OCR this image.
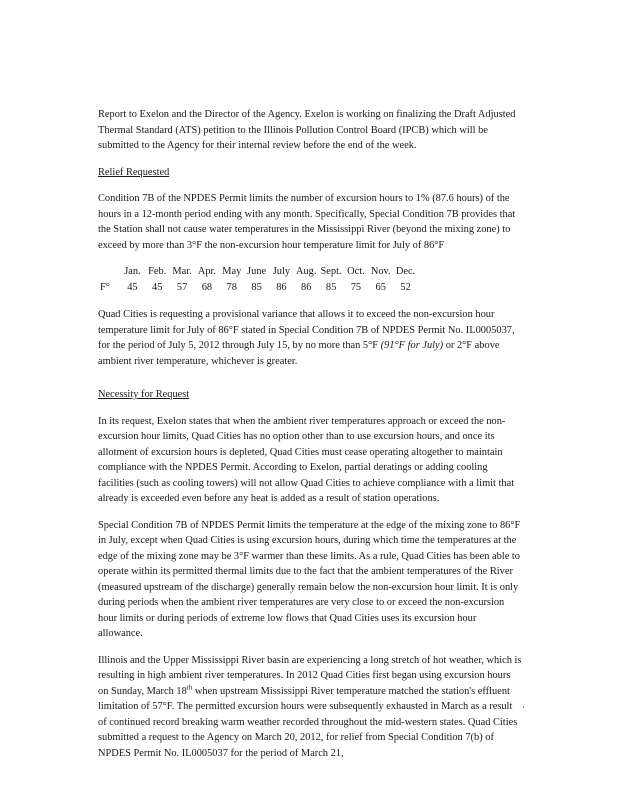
Report to Exelon and the Director of the Agency. Exelon is working on finalizing the Draft Adjusted Thermal Standard (ATS) petition to the Illinois Pollution Control Board (IPCB) which will be submitted to the Agency for their internal review before the end of the week.

Relief Requested

Condition 7B of the NPDES Permit limits the number of excursion hours to 1% (87.6 hours) of the hours in a 12-month period ending with any month. Specifically, Special Condition 7B provides that the Station shall not cause water temperatures in the Mississippi River (beyond the mixing zone) to exceed by more than 3°F the non-excursion hour temperature limit for July of 86°F

Jan. Feb. Mar. Apr. May June July Aug. Sept. Oct. Nov. Dec.
F°	45	45	57	68	78	85	86	86	85	75	65	52

Quad Cities is requesting a provisional variance that allows it to exceed the non-excursion hour temperature limit for July of 86°F stated in Special Condition 7B of NPDES Permit No. IL0005037, for the period of July 5, 2012 through July 15, by no more than 5°F (91°F for July) or 2°F above ambient river temperature, whichever is greater.

Necessity for Request

In its request, Exelon states that when the ambient river temperatures approach or exceed the non-excursion hour limits, Quad Cities has no option other than to use excursion hours, and once its allotment of excursion hours is depleted, Quad Cities must cease operating altogether to maintain compliance with the NPDES Permit. According to Exelon, partial deratings or adding cooling facilities (such as cooling towers) will not allow Quad Cities to achieve compliance with a limit that already is exceeded even before any heat is added as a result of station operations.

Special Condition 7B of NPDES Permit limits the temperature at the edge of the mixing zone to 86°F in July, except when Quad Cities is using excursion hours, during which time the temperatures at the edge of the mixing zone may be 3°F warmer than these limits. As a rule, Quad Cities has been able to operate within its permitted thermal limits due to the fact that the ambient temperatures of the River (measured upstream of the discharge) generally remain below the non-excursion hour limit. It is only during periods when the ambient river temperatures are very close to or exceed the non-excursion hour limits or during periods of extreme low flows that Quad Cities uses its excursion hour allowance.

Illinois and the Upper Mississippi River basin are experiencing a long stretch of hot weather, which is resulting in high ambient river temperatures. In 2012 Quad Cities first began using excursion hours on Sunday, March 18th when upstream Mississippi River temperature matched the station's effluent limitation of 57°F. The permitted excursion hours were subsequently exhausted in March as a result of continued record breaking warm weather recorded throughout the mid-western states. Quad Cities submitted a request to the Agency on March 20, 2012, for relief from Special Condition 7(b) of NPDES Permit No. IL0005037 for the period of March 21,

·
